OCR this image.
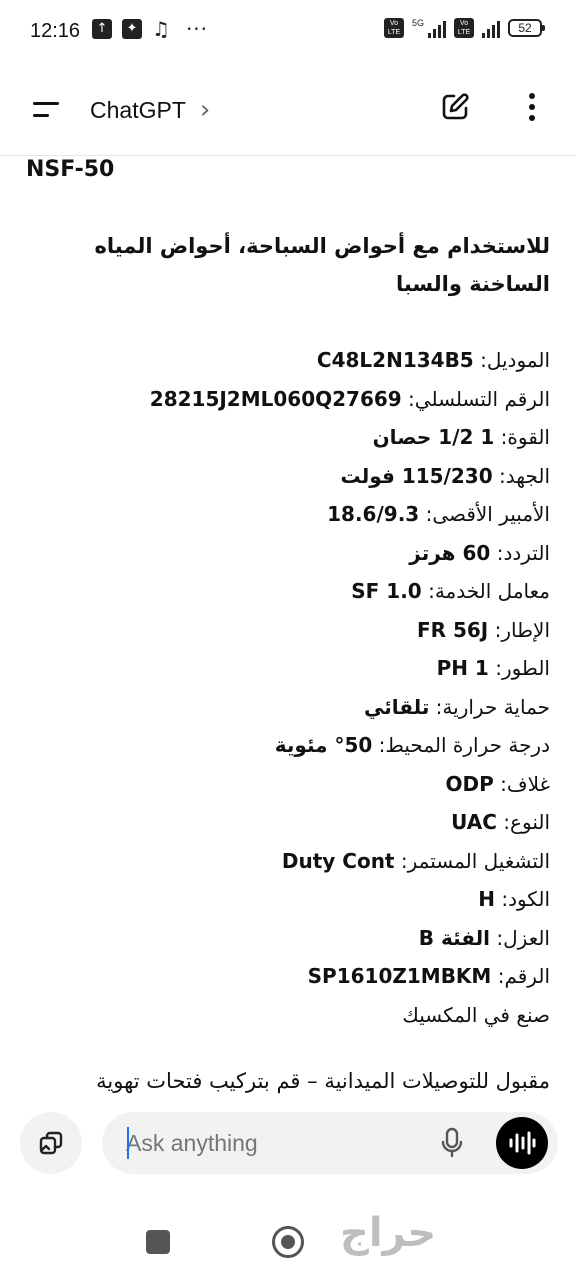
12:16	↑	✦ ♫ ···	Vo LTE
5G	Vo LTE	52
ChatGPT ›
NSF-50
للاستخدام مع أحواض السباحة، أحواض المياه الساخنة والسبا
الموديل: C48L2N134B5
الرقم التسلسلي: 28215J2ML060Q27669
القوة: 1 1/2 حصان
الجهد: 115/230 فولت
الأمبير الأقصى: 18.6/9.3
التردد: 60 هرتز
معامل الخدمة: SF 1.0
الإطار: FR 56J
الطور: PH 1
حماية حرارية: تلقائي
درجة حرارة المحيط: 50° مئوية
غلاف: ODP
النوع: UAC
التشغيل المستمر: Duty Cont
الكود: H
العزل: الفئة B
الرقم: SP1610Z1MBKM
صنع في المكسيك
مقبول للتوصيلات الميدانية – قم بتركيب فتحات تهوية
Ask anything
حراج
